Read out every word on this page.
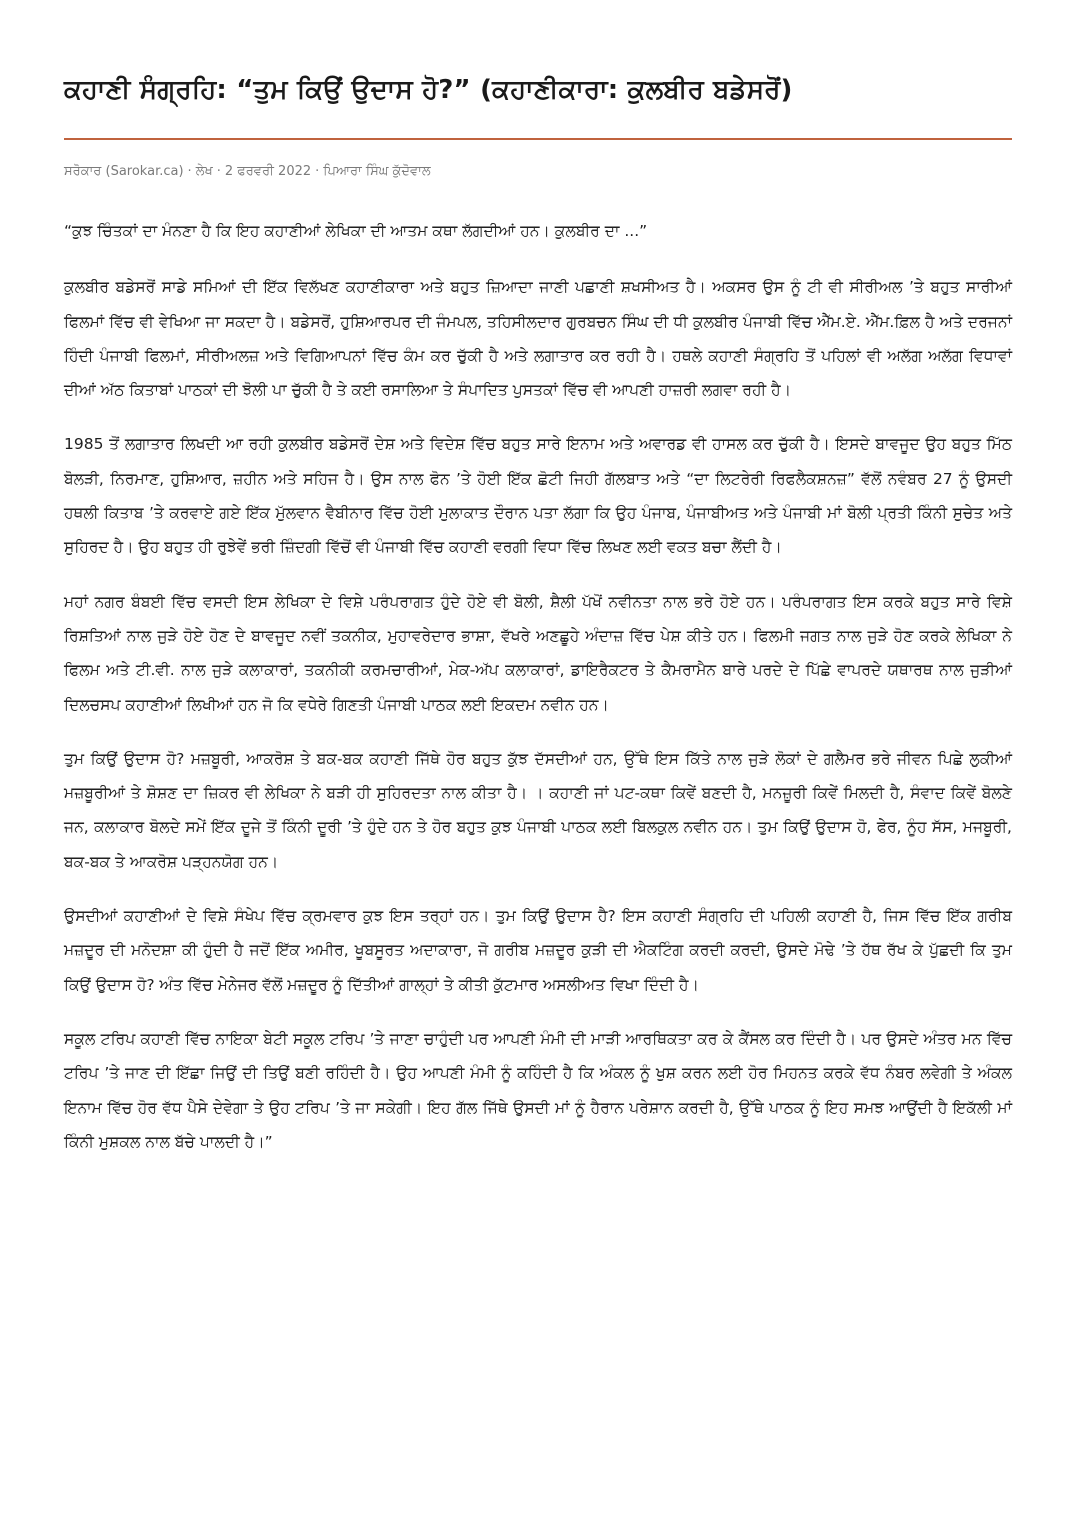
ਕਹਾਣੀ ਸੰਗ੍ਰਹਿ: “ਤੁਮ ਕਿਉਂ ਉਦਾਸ ਹੋ?” (ਕਹਾਣੀਕਾਰਾ: ਕੁਲਬੀਰ ਬਡੇਸਰੋਂ)
ਸਰੋਕਾਰ (Sarokar.ca) · ਲੇਖ · 2 ਫਰਵਰੀ 2022 · ਪਿਆਰਾ ਸਿੰਘ ਕੁੱਦੋਵਾਲ

“ਕੁਝ ਚਿੰਤਕਾਂ ਦਾ ਮੰਨਣਾ ਹੈ ਕਿ ਇਹ ਕਹਾਣੀਆਂ ਲੇਖਿਕਾ ਦੀ ਆਤਮ ਕਥਾ ਲੱਗਦੀਆਂ ਹਨ। ਕੁਲਬੀਰ ਦਾ ...”

ਕੁਲਬੀਰ ਬਡੇਸਰੋਂ ਸਾਡੇ ਸਮਿਆਂ ਦੀ ਇੱਕ ਵਿਲੱਖਣ ਕਹਾਣੀਕਾਰਾ ਅਤੇ ਬਹੁਤ ਜ਼ਿਆਦਾ ਜਾਣੀ ਪਛਾਣੀ ਸ਼ਖਸੀਅਤ ਹੈ। ਅਕਸਰ ਉਸ ਨੂੰ ਟੀ ਵੀ ਸੀਰੀਅਲ ’ਤੇ ਬਹੁਤ ਸਾਰੀਆਂ ਫਿਲਮਾਂ ਵਿੱਚ ਵੀ ਵੇਖਿਆ ਜਾ ਸਕਦਾ ਹੈ। ਬਡੇਸਰੋਂ, ਹੁਸ਼ਿਆਰਪਰ ਦੀ ਜੰਮਪਲ, ਤਹਿਸੀਲਦਾਰ ਗੁਰਬਚਨ ਸਿੰਘ ਦੀ ਧੀ ਕੁਲਬੀਰ ਪੰਜਾਬੀ ਵਿੱਚ ਐੱਮ.ਏ. ਐੱਮ.ਫ਼ਿਲ ਹੈ ਅਤੇ ਦਰਜਨਾਂ ਹਿੰਦੀ ਪੰਜਾਬੀ ਫਿਲਮਾਂ, ਸੀਰੀਅਲਜ਼ ਅਤੇ ਵਿਗਿਆਪਨਾਂ ਵਿੱਚ ਕੰਮ ਕਰ ਚੁੱਕੀ ਹੈ ਅਤੇ ਲਗਾਤਾਰ ਕਰ ਰਹੀ ਹੈ। ਹਥਲੇ ਕਹਾਣੀ ਸੰਗ੍ਰਹਿ ਤੋਂ ਪਹਿਲਾਂ ਵੀ ਅਲੱਗ ਅਲੱਗ ਵਿਧਾਵਾਂ ਦੀਆਂ ਅੱਠ ਕਿਤਾਬਾਂ ਪਾਠਕਾਂ ਦੀ ਝੋਲੀ ਪਾ ਚੁੱਕੀ ਹੈ ਤੇ ਕਈ ਰਸਾਲਿਆ ਤੇ ਸੰਪਾਦਿਤ ਪੁਸਤਕਾਂ ਵਿੱਚ ਵੀ ਆਪਣੀ ਹਾਜ਼ਰੀ ਲਗਵਾ ਰਹੀ ਹੈ।

1985 ਤੋਂ ਲਗਾਤਾਰ ਲਿਖਦੀ ਆ ਰਹੀ ਕੁਲਬੀਰ ਬਡੇਸਰੋਂ ਦੇਸ਼ ਅਤੇ ਵਿਦੇਸ਼ ਵਿੱਚ ਬਹੁਤ ਸਾਰੇ ਇਨਾਮ ਅਤੇ ਅਵਾਰਡ ਵੀ ਹਾਸਲ ਕਰ ਚੁੱਕੀ ਹੈ। ਇਸਦੇ ਬਾਵਜੂਦ ਉਹ ਬਹੁਤ ਮਿੱਠ ਬੋਲੜੀ, ਨਿਰਮਾਣ, ਹੁਸ਼ਿਆਰ, ਜ਼ਹੀਨ ਅਤੇ ਸਹਿਜ ਹੈ। ਉਸ ਨਾਲ ਫੋਨ ’ਤੇ ਹੋਈ ਇੱਕ ਛੋਟੀ ਜਿਹੀ ਗੱਲਬਾਤ ਅਤੇ “ਦਾ ਲਿਟਰੇਰੀ ਰਿਫਲੈਕਸ਼ਨਜ਼” ਵੱਲੋਂ ਨਵੰਬਰ 27 ਨੂੰ ਉਸਦੀ ਹਥਲੀ ਕਿਤਾਬ ’ਤੇ ਕਰਵਾਏ ਗਏ ਇੱਕ ਮੁੱਲਵਾਨ ਵੈਬੀਨਾਰ ਵਿੱਚ ਹੋਈ ਮੁਲਾਕਾਤ ਦੌਰਾਨ ਪਤਾ ਲੱਗਾ ਕਿ ਉਹ ਪੰਜਾਬ, ਪੰਜਾਬੀਅਤ ਅਤੇ ਪੰਜਾਬੀ ਮਾਂ ਬੋਲੀ ਪ੍ਰਤੀ ਕਿੰਨੀ ਸੁਚੇਤ ਅਤੇ ਸੁਹਿਰਦ ਹੈ। ਉਹ ਬਹੁਤ ਹੀ ਰੁਝੇਵੇਂ ਭਰੀ ਜ਼ਿੰਦਗੀ ਵਿੱਚੋਂ ਵੀ ਪੰਜਾਬੀ ਵਿੱਚ ਕਹਾਣੀ ਵਰਗੀ ਵਿਧਾ ਵਿੱਚ ਲਿਖਣ ਲਈ ਵਕਤ ਬਚਾ ਲੈਂਦੀ ਹੈ।

ਮਹਾਂ ਨਗਰ ਬੰਬਈ ਵਿੱਚ ਵਸਦੀ ਇਸ ਲੇਖਿਕਾ ਦੇ ਵਿਸ਼ੇ ਪਰੰਪਰਾਗਤ ਹੁੰਦੇ ਹੋਏ ਵੀ ਬੋਲੀ, ਸ਼ੈਲੀ ਪੱਖੋਂ ਨਵੀਨਤਾ ਨਾਲ ਭਰੇ ਹੋਏ ਹਨ। ਪਰੰਪਰਾਗਤ ਇਸ ਕਰਕੇ ਬਹੁਤ ਸਾਰੇ ਵਿਸ਼ੇ ਰਿਸ਼ਤਿਆਂ ਨਾਲ ਜੁੜੇ ਹੋਏ ਹੋਣ ਦੇ ਬਾਵਜੂਦ ਨਵੀਂ ਤਕਨੀਕ, ਮੁਹਾਵਰੇਦਾਰ ਭਾਸ਼ਾ, ਵੱਖਰੇ ਅਣਛੂਹੇ ਅੰਦਾਜ਼ ਵਿੱਚ ਪੇਸ਼ ਕੀਤੇ ਹਨ। ਫਿਲਮੀ ਜਗਤ ਨਾਲ ਜੁੜੇ ਹੋਣ ਕਰਕੇ ਲੇਖਿਕਾ ਨੇ ਫਿਲਮ ਅਤੇ ਟੀ.ਵੀ. ਨਾਲ ਜੁੜੇ ਕਲਾਕਾਰਾਂ, ਤਕਨੀਕੀ ਕਰਮਚਾਰੀਆਂ, ਮੇਕ-ਅੱਪ ਕਲਾਕਾਰਾਂ, ਡਾਇਰੈਕਟਰ ਤੇ ਕੈਮਰਾਮੈਨ ਬਾਰੇ ਪਰਦੇ ਦੇ ਪਿੱਛੇ ਵਾਪਰਦੇ ਯਥਾਰਥ ਨਾਲ ਜੁੜੀਆਂ ਦਿਲਚਸਪ ਕਹਾਣੀਆਂ ਲਿਖੀਆਂ ਹਨ ਜੋ ਕਿ ਵਧੇਰੇ ਗਿਣਤੀ ਪੰਜਾਬੀ ਪਾਠਕ ਲਈ ਇਕਦਮ ਨਵੀਨ ਹਨ।

ਤੁਮ ਕਿਉਂ ਉਦਾਸ ਹੋ? ਮਜ਼ਬੂਰੀ, ਆਕਰੋਸ਼ ਤੇ ਬਕ-ਬਕ ਕਹਾਣੀ ਜਿੱਥੇ ਹੋਰ ਬਹੁਤ ਕੁੱਝ ਦੱਸਦੀਆਂ ਹਨ, ਉੱਥੇ ਇਸ ਕਿੱਤੇ ਨਾਲ ਜੁੜੇ ਲੋਕਾਂ ਦੇ ਗਲੈਮਰ ਭਰੇ ਜੀਵਨ ਪਿਛੇ ਲੁਕੀਆਂ ਮਜ਼ਬੂਰੀਆਂ ਤੇ ਸ਼ੋਸ਼ਣ ਦਾ ਜ਼ਿਕਰ ਵੀ ਲੇਖਿਕਾ ਨੇ ਬੜੀ ਹੀ ਸੁਹਿਰਦਤਾ ਨਾਲ ਕੀਤਾ ਹੈ। । ਕਹਾਣੀ ਜਾਂ ਪਟ-ਕਥਾ ਕਿਵੇਂ ਬਣਦੀ ਹੈ, ਮਨਜ਼ੂਰੀ ਕਿਵੇਂ ਮਿਲਦੀ ਹੈ, ਸੰਵਾਦ ਕਿਵੇਂ ਬੋਲਣੇ ਜਨ, ਕਲਾਕਾਰ ਬੋਲਦੇ ਸਮੇਂ ਇੱਕ ਦੂਜੇ ਤੋਂ ਕਿੰਨੀ ਦੂਰੀ ’ਤੇ ਹੁੰਦੇ ਹਨ ਤੇ ਹੋਰ ਬਹੁਤ ਕੁਝ ਪੰਜਾਬੀ ਪਾਠਕ ਲਈ ਬਿਲਕੁਲ ਨਵੀਨ ਹਨ। ਤੁਮ ਕਿਉਂ ਉਦਾਸ ਹੋ, ਫੇਰ, ਨੂੰਹ ਸੱਸ, ਮਜਬੂਰੀ, ਬਕ-ਬਕ ਤੇ ਆਕਰੋਸ਼ ਪੜ੍ਹਨਯੋਗ ਹਨ।

ਉਸਦੀਆਂ ਕਹਾਣੀਆਂ ਦੇ ਵਿਸ਼ੇ ਸੰਖੇਪ ਵਿੱਚ ਕ੍ਰਮਵਾਰ ਕੁਝ ਇਸ ਤਰ੍ਹਾਂ ਹਨ। ਤੁਮ ਕਿਉਂ ਉਦਾਸ ਹੈ? ਇਸ ਕਹਾਣੀ ਸੰਗ੍ਰਹਿ ਦੀ ਪਹਿਲੀ ਕਹਾਣੀ ਹੈ, ਜਿਸ ਵਿੱਚ ਇੱਕ ਗਰੀਬ ਮਜ਼ਦੂਰ ਦੀ ਮਨੋਦਸ਼ਾ ਕੀ ਹੁੰਦੀ ਹੈ ਜਦੋਂ ਇੱਕ ਅਮੀਰ, ਖੂਬਸੂਰਤ ਅਦਾਕਾਰਾ, ਜੋ ਗਰੀਬ ਮਜ਼ਦੂਰ ਕੁੜੀ ਦੀ ਐਕਟਿੰਗ ਕਰਦੀ ਕਰਦੀ, ਉਸਦੇ ਮੋਢੇ ’ਤੇ ਹੱਥ ਰੱਖ ਕੇ ਪੁੱਛਦੀ ਕਿ ਤੁਮ ਕਿਉਂ ਉਦਾਸ ਹੋ? ਅੰਤ ਵਿੱਚ ਮੇਨੇਜਰ ਵੱਲੋਂ ਮਜ਼ਦੂਰ ਨੂੰ ਦਿੱਤੀਆਂ ਗਾਲ੍ਹਾਂ ਤੇ ਕੀਤੀ ਕੁੱਟਮਾਰ ਅਸਲੀਅਤ ਵਿਖਾ ਦਿੰਦੀ ਹੈ।

ਸਕੂਲ ਟਰਿਪ ਕਹਾਣੀ ਵਿੱਚ ਨਾਇਕਾ ਬੇਟੀ ਸਕੂਲ ਟਰਿਪ ’ਤੇ ਜਾਣਾ ਚਾਹੁੰਦੀ ਪਰ ਆਪਣੀ ਮੰਮੀ ਦੀ ਮਾੜੀ ਆਰਥਿਕਤਾ ਕਰ ਕੇ ਕੈਂਸਲ ਕਰ ਦਿੰਦੀ ਹੈ। ਪਰ ਉਸਦੇ ਅੰਤਰ ਮਨ ਵਿੱਚ ਟਰਿਪ ’ਤੇ ਜਾਣ ਦੀ ਇੱਛਾ ਜਿਉਂ ਦੀ ਤਿਉਂ ਬਣੀ ਰਹਿੰਦੀ ਹੈ। ਉਹ ਆਪਣੀ ਮੰਮੀ ਨੂੰ ਕਹਿੰਦੀ ਹੈ ਕਿ ਅੰਕਲ ਨੂੰ ਖੁਸ਼ ਕਰਨ ਲਈ ਹੋਰ ਮਿਹਨਤ ਕਰਕੇ ਵੱਧ ਨੰਬਰ ਲਵੇਗੀ ਤੇ ਅੰਕਲ ਇਨਾਮ ਵਿੱਚ ਹੋਰ ਵੱਧ ਪੈਸੇ ਦੇਵੇਗਾ ਤੇ ਉਹ ਟਰਿਪ ’ਤੇ ਜਾ ਸਕੇਗੀ। ਇਹ ਗੱਲ ਜਿੱਥੇ ਉਸਦੀ ਮਾਂ ਨੂੰ ਹੈਰਾਨ ਪਰੇਸ਼ਾਨ ਕਰਦੀ ਹੈ, ਉੱਥੇ ਪਾਠਕ ਨੂੰ ਇਹ ਸਮਝ ਆਉਂਦੀ ਹੈ ਇਕੱਲੀ ਮਾਂ ਕਿੰਨੀ ਮੁਸ਼ਕਲ ਨਾਲ ਬੱਚੇ ਪਾਲਦੀ ਹੈ।”
